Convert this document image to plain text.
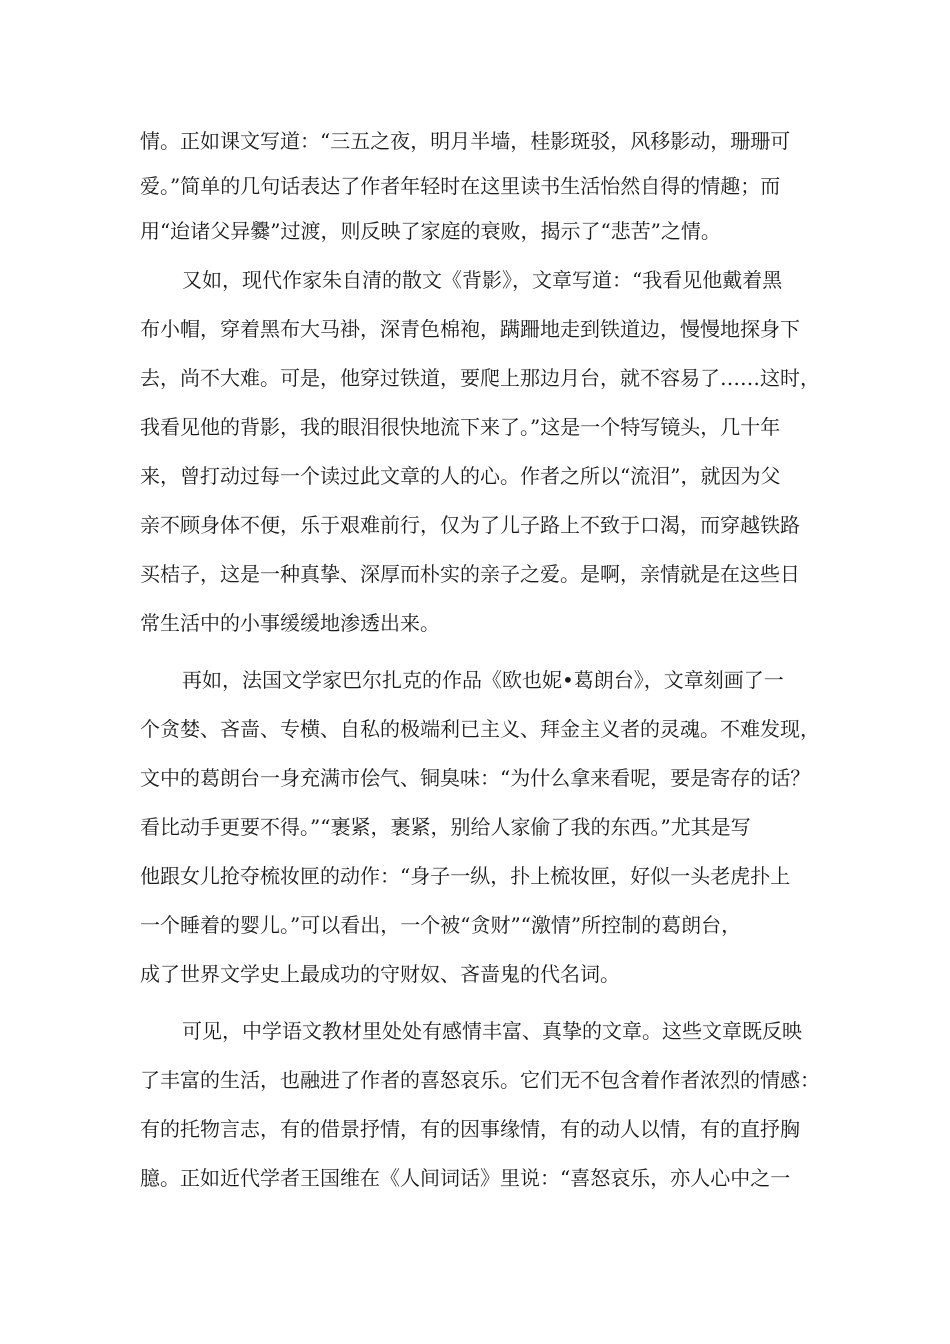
情。正如课文写道：“三五之夜，明月半墙，桂影斑驳，风移影动，珊珊可
爱。”简单的几句话表达了作者年轻时在这里读书生活怡然自得的情趣；而
用“迨诸父异爨”过渡，则反映了家庭的衰败，揭示了“悲苦”之情。
又如，现代作家朱自清的散文《背影》，文章写道：“我看见他戴着黑
布小帽，穿着黑布大马褂，深青色棉袍，蹒跚地走到铁道边，慢慢地探身下
去，尚不大难。可是，他穿过铁道，要爬上那边月台，就不容易了……这时，
我看见他的背影，我的眼泪很快地流下来了。”这是一个特写镜头，几十年
来，曾打动过每一个读过此文章的人的心。作者之所以“流泪”，就因为父
亲不顾身体不便，乐于艰难前行，仅为了儿子路上不致于口渴，而穿越铁路
买桔子，这是一种真挚、深厚而朴实的亲子之爱。是啊，亲情就是在这些日
常生活中的小事缓缓地渗透出来。
再如，法国文学家巴尔扎克的作品《欧也妮•葛朗台》，文章刻画了一
个贪婪、吝啬、专横、自私的极端利已主义、拜金主义者的灵魂。不难发现，
文中的葛朗台一身充满市侩气、铜臭味：“为什么拿来看呢，要是寄存的话？
看比动手更要不得。”“裹紧，裹紧，别给人家偷了我的东西。”尤其是写
他跟女儿抢夺梳妆匣的动作：“身子一纵，扑上梳妆匣，好似一头老虎扑上
一个睡着的婴儿。”可以看出，一个被“贪财”“激情”所控制的葛朗台，
成了世界文学史上最成功的守财奴、吝啬鬼的代名词。
可见，中学语文教材里处处有感情丰富、真挚的文章。这些文章既反映
了丰富的生活，也融进了作者的喜怒哀乐。它们无不包含着作者浓烈的情感：
有的托物言志，有的借景抒情，有的因事缘情，有的动人以情，有的直抒胸
臆。正如近代学者王国维在《人间词话》里说：“喜怒哀乐，亦人心中之一
